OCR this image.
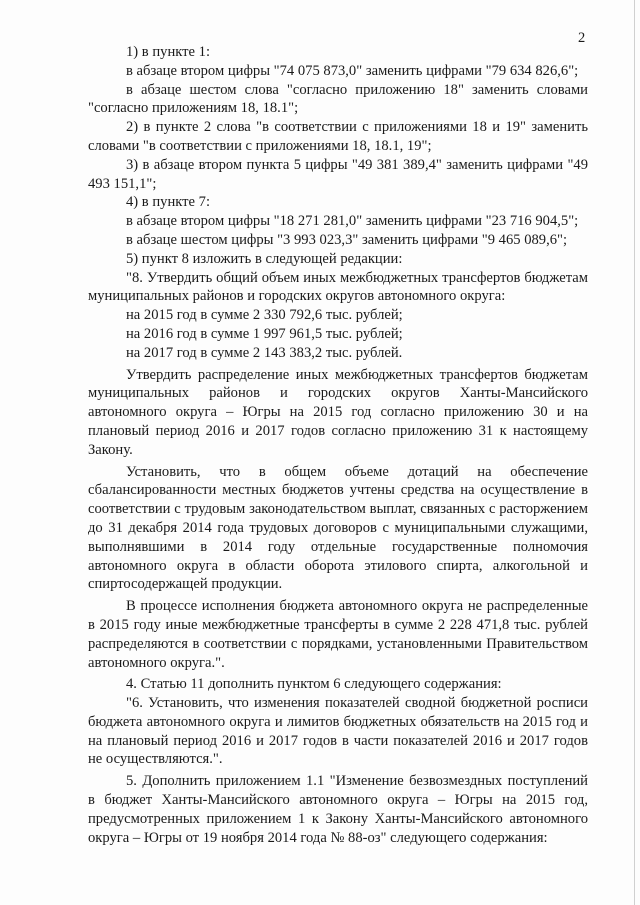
2

1) в пункте 1:

в абзаце втором цифры "74 075 873,0" заменить цифрами "79 634 826,6";

в абзаце шестом слова "согласно приложению 18" заменить словами "согласно приложениям 18, 18.1";

2) в пункте 2 слова "в соответствии с приложениями 18 и 19" заменить словами "в соответствии с приложениями 18, 18.1, 19";

3) в абзаце втором пункта 5 цифры "49 381 389,4" заменить цифрами "49 493 151,1";

4) в пункте 7:

в абзаце втором цифры "18 271 281,0" заменить цифрами "23 716 904,5";

в абзаце шестом цифры "3 993 023,3" заменить цифрами "9 465 089,6";

5) пункт 8 изложить в следующей редакции:

"8. Утвердить общий объем иных межбюджетных трансфертов бюджетам муниципальных районов и городских округов автономного округа:

на 2015 год в сумме 2 330 792,6 тыс. рублей;

на 2016 год в сумме 1 997 961,5 тыс. рублей;

на 2017 год в сумме 2 143 383,2 тыс. рублей.

Утвердить распределение иных межбюджетных трансфертов бюджетам муниципальных районов и городских округов Ханты-Мансийского автономного округа – Югры на 2015 год согласно приложению 30 и на плановый период 2016 и 2017 годов согласно приложению 31 к настоящему Закону.

Установить, что в общем объеме дотаций на обеспечение сбалансированности местных бюджетов учтены средства на осуществление в соответствии с трудовым законодательством выплат, связанных с расторжением до 31 декабря 2014 года трудовых договоров с муниципальными служащими, выполнявшими в 2014 году отдельные государственные полномочия автономного округа в области оборота этилового спирта, алкогольной и спиртосодержащей продукции.

В процессе исполнения бюджета автономного округа не распределенные в 2015 году иные межбюджетные трансферты в сумме 2 228 471,8 тыс. рублей распределяются в соответствии с порядками, установленными Правительством автономного округа.".

4. Статью 11 дополнить пунктом 6 следующего содержания:

"6. Установить, что изменения показателей сводной бюджетной росписи бюджета автономного округа и лимитов бюджетных обязательств на 2015 год и на плановый период 2016 и 2017 годов в части показателей 2016 и 2017 годов не осуществляются.".

5. Дополнить приложением 1.1 "Изменение безвозмездных поступлений в бюджет Ханты-Мансийского автономного округа – Югры на 2015 год, предусмотренных приложением 1 к Закону Ханты-Мансийского автономного округа – Югры от 19 ноября 2014 года № 88-оз" следующего содержания:
